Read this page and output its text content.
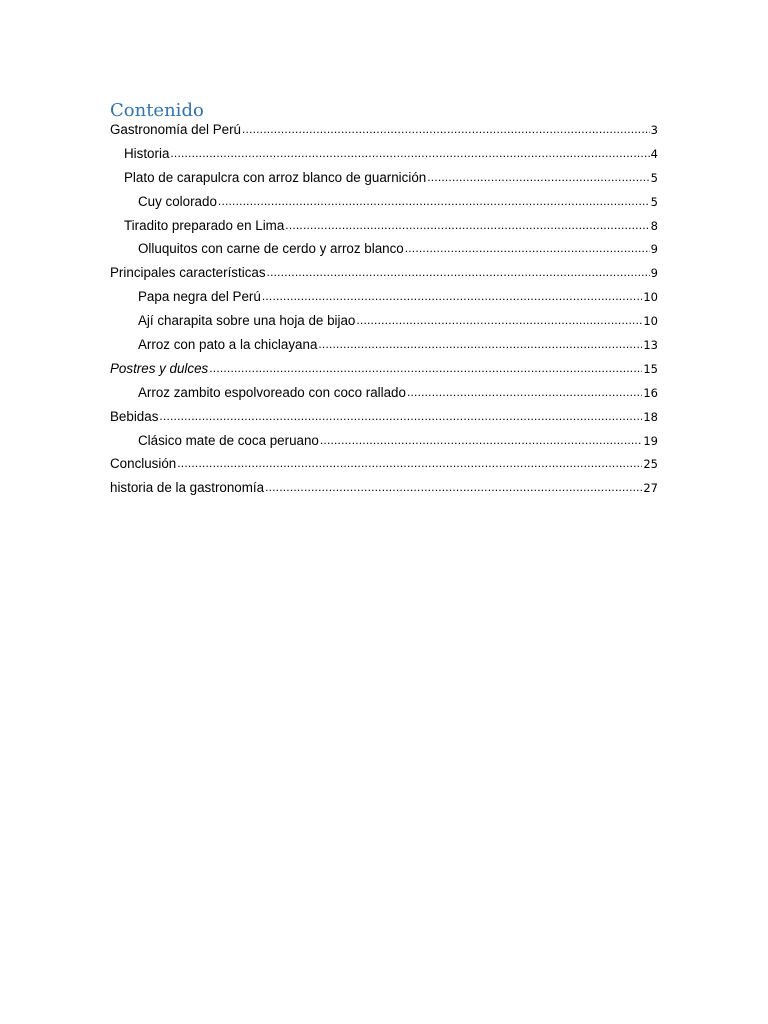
Contenido
Gastronomía del Perú .....	3
Historia .....	4
Plato de carapulcra con arroz blanco de guarnición .....	5
Cuy colorado .....	5
Tiradito preparado en Lima .....	8
Olluquitos con carne de cerdo y arroz blanco .....	9
Principales características .....	9
Papa negra del Perú .....	10
Ají charapita sobre una hoja de bijao .....	10
Arroz con pato a la chiclayana .....	13
Postres y dulces .....	15
Arroz zambito espolvoreado con coco rallado .....	16
Bebidas .....	18
Clásico mate de coca peruano .....	19
Conclusión .....	25
historia de la gastronomía .....	27
